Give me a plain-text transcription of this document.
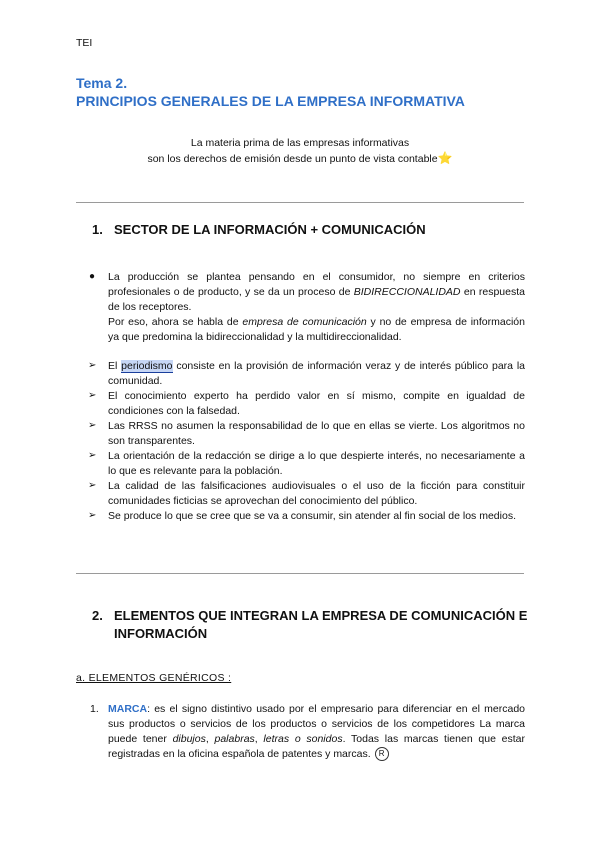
TEI
Tema 2.
PRINCIPIOS GENERALES DE LA EMPRESA INFORMATIVA
La materia prima de las empresas informativas
son los derechos de emisión desde un punto de vista contable⭐
1. SECTOR DE LA INFORMACIÓN + COMUNICACIÓN
● La producción se plantea pensando en el consumidor, no siempre en criterios profesionales o de producto, y se da un proceso de BIDIRECCIONALIDAD en respuesta de los receptores.
Por eso, ahora se habla de empresa de comunicación y no de empresa de información ya que predomina la bidireccionalidad y la multidireccionalidad.
➢ El periodismo consiste en la provisión de información veraz y de interés público para la comunidad.
➢ El conocimiento experto ha perdido valor en sí mismo, compite en igualdad de condiciones con la falsedad.
➢ Las RRSS no asumen la responsabilidad de lo que en ellas se vierte. Los algoritmos no son transparentes.
➢ La orientación de la redacción se dirige a lo que despierte interés, no necesariamente a lo que es relevante para la población.
➢ La calidad de las falsificaciones audiovisuales o el uso de la ficción para constituir comunidades ficticias se aprovechan del conocimiento del público.
➢ Se produce lo que se cree que se va a consumir, sin atender al fin social de los medios.
2. ELEMENTOS QUE INTEGRAN LA EMPRESA DE COMUNICACIÓN E
INFORMACIÓN
a. ELEMENTOS GENÉRICOS :
1. MARCA: es el signo distintivo usado por el empresario para diferenciar en el mercado sus productos o servicios de los productos o servicios de los competidores La marca puede tener dibujos, palabras, letras o sonidos. Todas las marcas tienen que estar registradas en la oficina española de patentes y marcas. R
